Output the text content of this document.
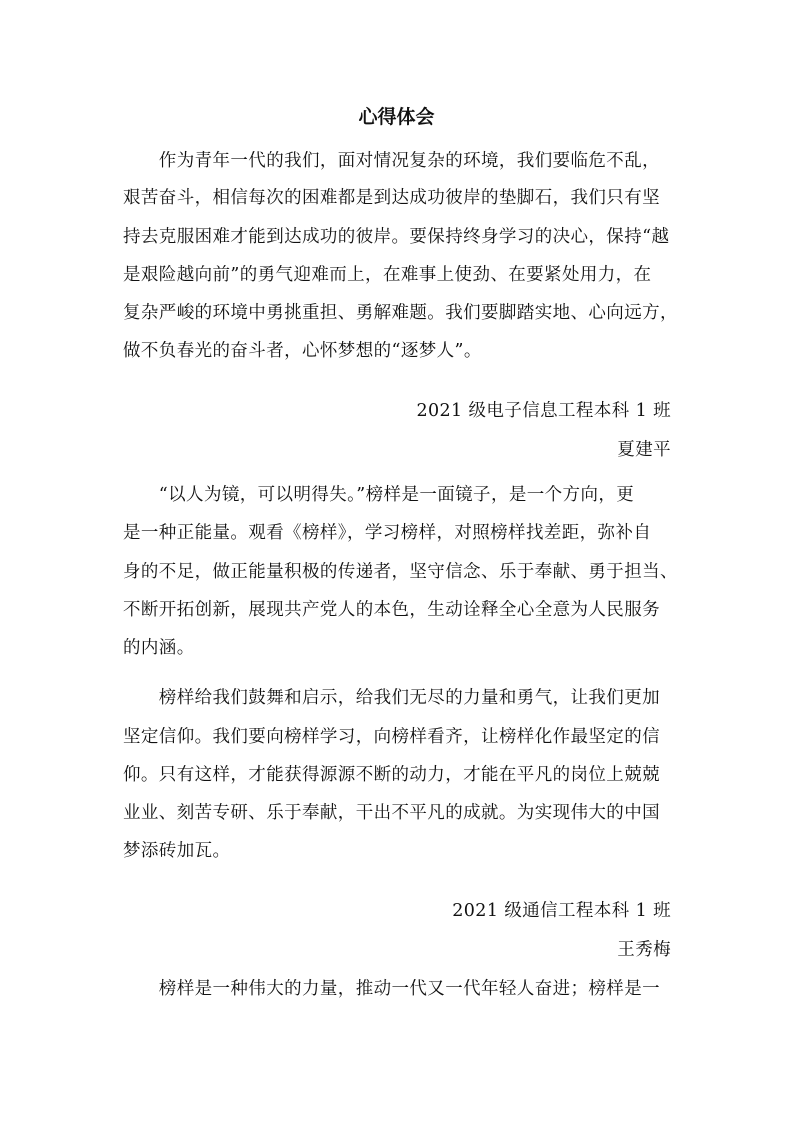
心得体会
　　作为青年一代的我们，面对情况复杂的环境，我们要临危不乱，
艰苦奋斗，相信每次的困难都是到达成功彼岸的垫脚石，我们只有坚
持去克服困难才能到达成功的彼岸。要保持终身学习的决心，保持“越
是艰险越向前”的勇气迎难而上，在难事上使劲、在要紧处用力，在
复杂严峻的环境中勇挑重担、勇解难题。我们要脚踏实地、心向远方，
做不负春光的奋斗者，心怀梦想的“逐梦人”。
2021 级电子信息工程本科 1 班
夏建平
　　“以人为镜，可以明得失。”榜样是一面镜子，是一个方向，更
是一种正能量。观看《榜样》，学习榜样，对照榜样找差距，弥补自
身的不足，做正能量积极的传递者，坚守信念、乐于奉献、勇于担当、
不断开拓创新，展现共产党人的本色，生动诠释全心全意为人民服务
的内涵。
　　榜样给我们鼓舞和启示，给我们无尽的力量和勇气，让我们更加
坚定信仰。我们要向榜样学习，向榜样看齐，让榜样化作最坚定的信
仰。只有这样，才能获得源源不断的动力，才能在平凡的岗位上兢兢
业业、刻苦专研、乐于奉献，干出不平凡的成就。为实现伟大的中国
梦添砖加瓦。
2021 级通信工程本科 1 班
王秀梅
　　榜样是一种伟大的力量，推动一代又一代年轻人奋进；榜样是一
